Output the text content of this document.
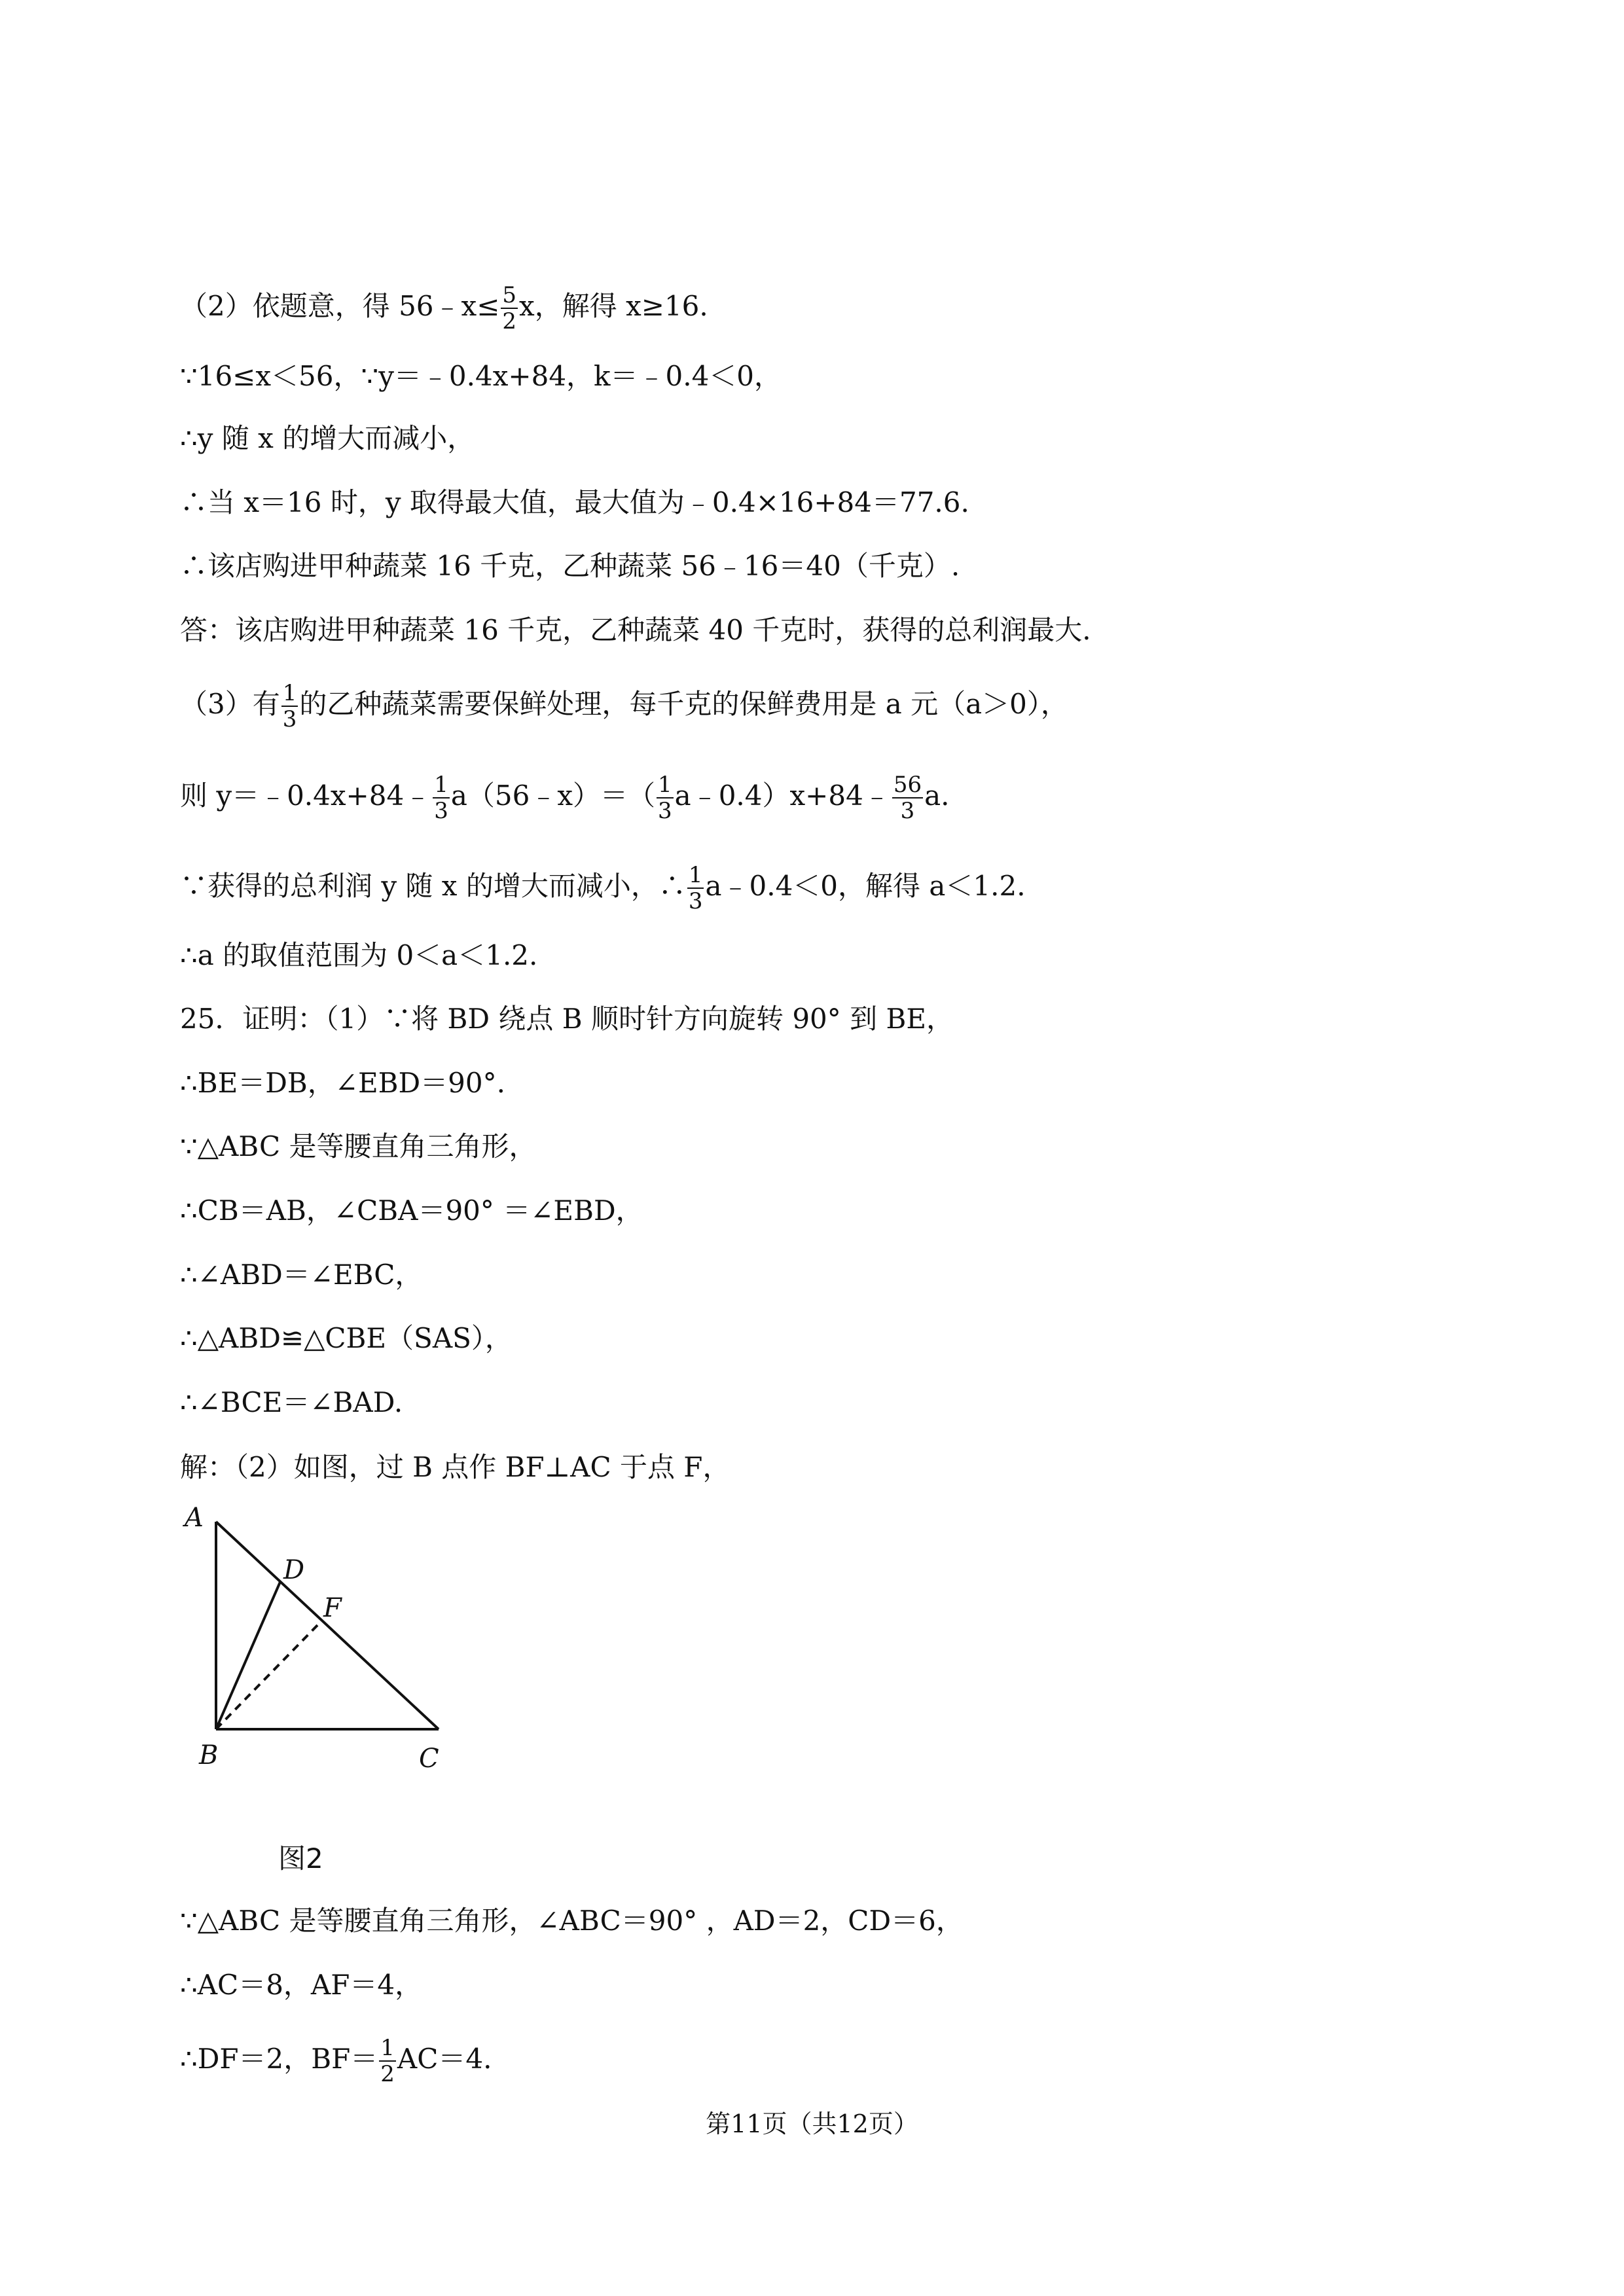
（2）依题意，得 56﹣x≤ $\frac{5}{2}$ x，解得 x≥16.
∵16≤x＜56，∵y＝﹣0.4x+84，k＝﹣0.4＜0，
∴y 随 x 的增大而减小，
∴当 x＝16 时，y 取得最大值，最大值为﹣0.4×16+84＝77.6.
∴该店购进甲种蔬菜 16 千克，乙种蔬菜 56﹣16＝40（千克）.
答：该店购进甲种蔬菜 16 千克，乙种蔬菜 40 千克时，获得的总利润最大.
（3）有 $\frac{1}{3}$ 的乙种蔬菜需要保鲜处理，每千克的保鲜费用是 a 元（a＞0），
则 y＝﹣0.4x+84﹣ $\frac{1}{3}$ a（56﹣x）＝（ $\frac{1}{3}$ a﹣0.4）x+84﹣ $\frac{56}{3} a$.
∵获得的总利润 y 随 x 的增大而减小，∴ $\frac{1}{3}$ a﹣0.4＜0，解得 a＜1.2.
∴a 的取值范围为 0＜a＜1.2.
25．证明：（1）∵将 BD 绕点 B 顺时针方向旋转 90° 到 BE，
∴BE＝DB，∠EBD＝90°.
∵△ABC 是等腰直角三角形，
∴CB＝AB，∠CBA＝90° ＝∠EBD，
∴∠ABD＝∠EBC，
∴△ABD≌△CBE（SAS），
∴∠BCE＝∠BAD.
解：（2）如图，过 B 点作 BF⊥AC 于点 F，
A
D
F
B	C
图2
∵△ABC 是等腰直角三角形，∠ABC＝90° ，AD＝2，CD＝6，
∴AC＝8，AF＝4，
∴DF＝2，$BF= \frac{1}{2} AC=4$.
第11页（共12页）
